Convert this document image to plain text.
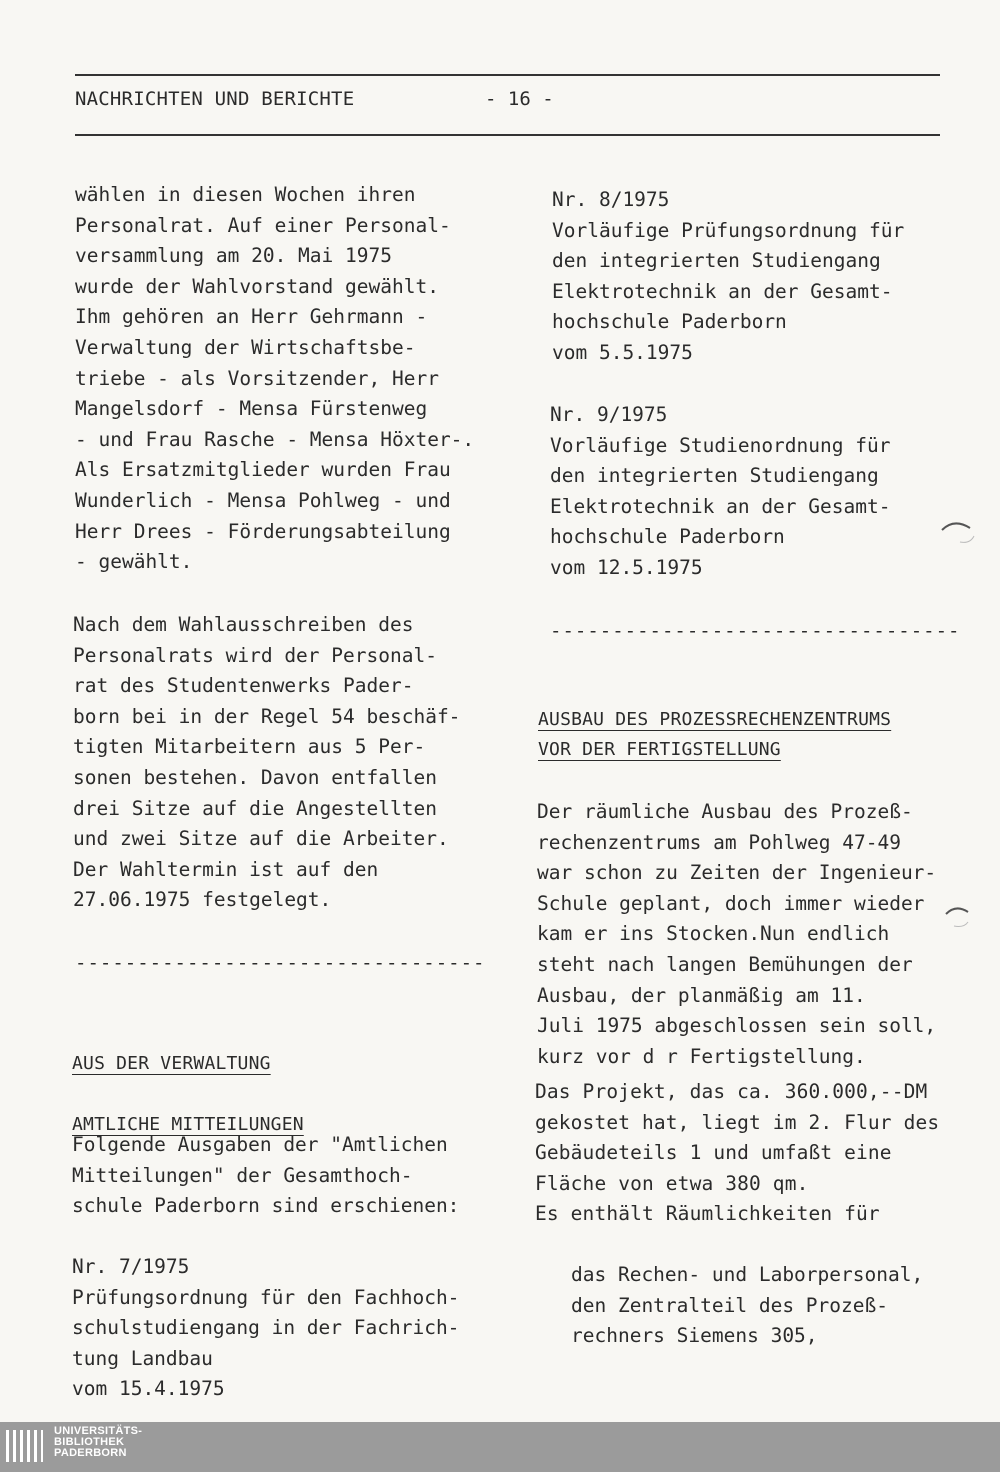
NACHRICHTEN UND BERICHTE	- 16 -
wählen in diesen Wochen ihren
Personalrat. Auf einer Personal-
versammlung am 20. Mai 1975
wurde der Wahlvorstand gewählt.
Ihm gehören an Herr Gehrmann -
Verwaltung der Wirtschaftsbe-
triebe - als Vorsitzender, Herr
Mangelsdorf - Mensa Fürstenweg
- und Frau Rasche - Mensa Höxter-.
Als Ersatzmitglieder wurden Frau
Wunderlich - Mensa Pohlweg - und
Herr Drees - Förderungsabteilung
- gewählt.
Nach dem Wahlausschreiben des
Personalrats wird der Personal-
rat des Studentenwerks Pader-
born bei in der Regel 54 beschäf-
tigten Mitarbeitern aus 5 Per-
sonen bestehen. Davon entfallen
drei Sitze auf die Angestellten
und zwei Sitze auf die Arbeiter.
Der Wahltermin ist auf den
27.06.1975 festgelegt.
---------------------------------

AUS DER VERWALTUNG

AMTLICHE MITTEILUNGEN

Folgende Ausgaben der "Amtlichen
Mitteilungen" der Gesamthoch-
schule Paderborn sind erschienen:
Nr. 7/1975
Prüfungsordnung für den Fachhoch-
schulstudiengang in der Fachrich-
tung Landbau
vom 15.4.1975
Nr. 8/1975
Vorläufige Prüfungsordnung für
den integrierten Studiengang
Elektrotechnik an der Gesamt-
hochschule Paderborn
vom 5.5.1975
Nr. 9/1975
Vorläufige Studienordnung für
den integrierten Studiengang
Elektrotechnik an der Gesamt-
hochschule Paderborn
vom 12.5.1975
---------------------------------
AUSBAU DES PROZESSRECHENZENTRUMS
VOR DER FERTIGSTELLUNG
Der räumliche Ausbau des Prozeß-
rechenzentrums am Pohlweg 47-49
war schon zu Zeiten der Ingenieur-
Schule geplant, doch immer wieder
kam er ins Stocken.Nun endlich
steht nach langen Bemühungen der
Ausbau, der planmäßig am 11.
Juli 1975 abgeschlossen sein soll,
kurz vor d r Fertigstellung.
Das Projekt, das ca. 360.000,--DM
gekostet hat, liegt im 2. Flur des
Gebäudeteils 1 und umfaßt eine
Fläche von etwa 380 qm.
Es enthält Räumlichkeiten für
das Rechen- und Laborpersonal,
den Zentralteil des Prozeß-
rechners Siemens 305,
UNIVERSITÄTS-
BIBLIOTHEK
PADERBORN
